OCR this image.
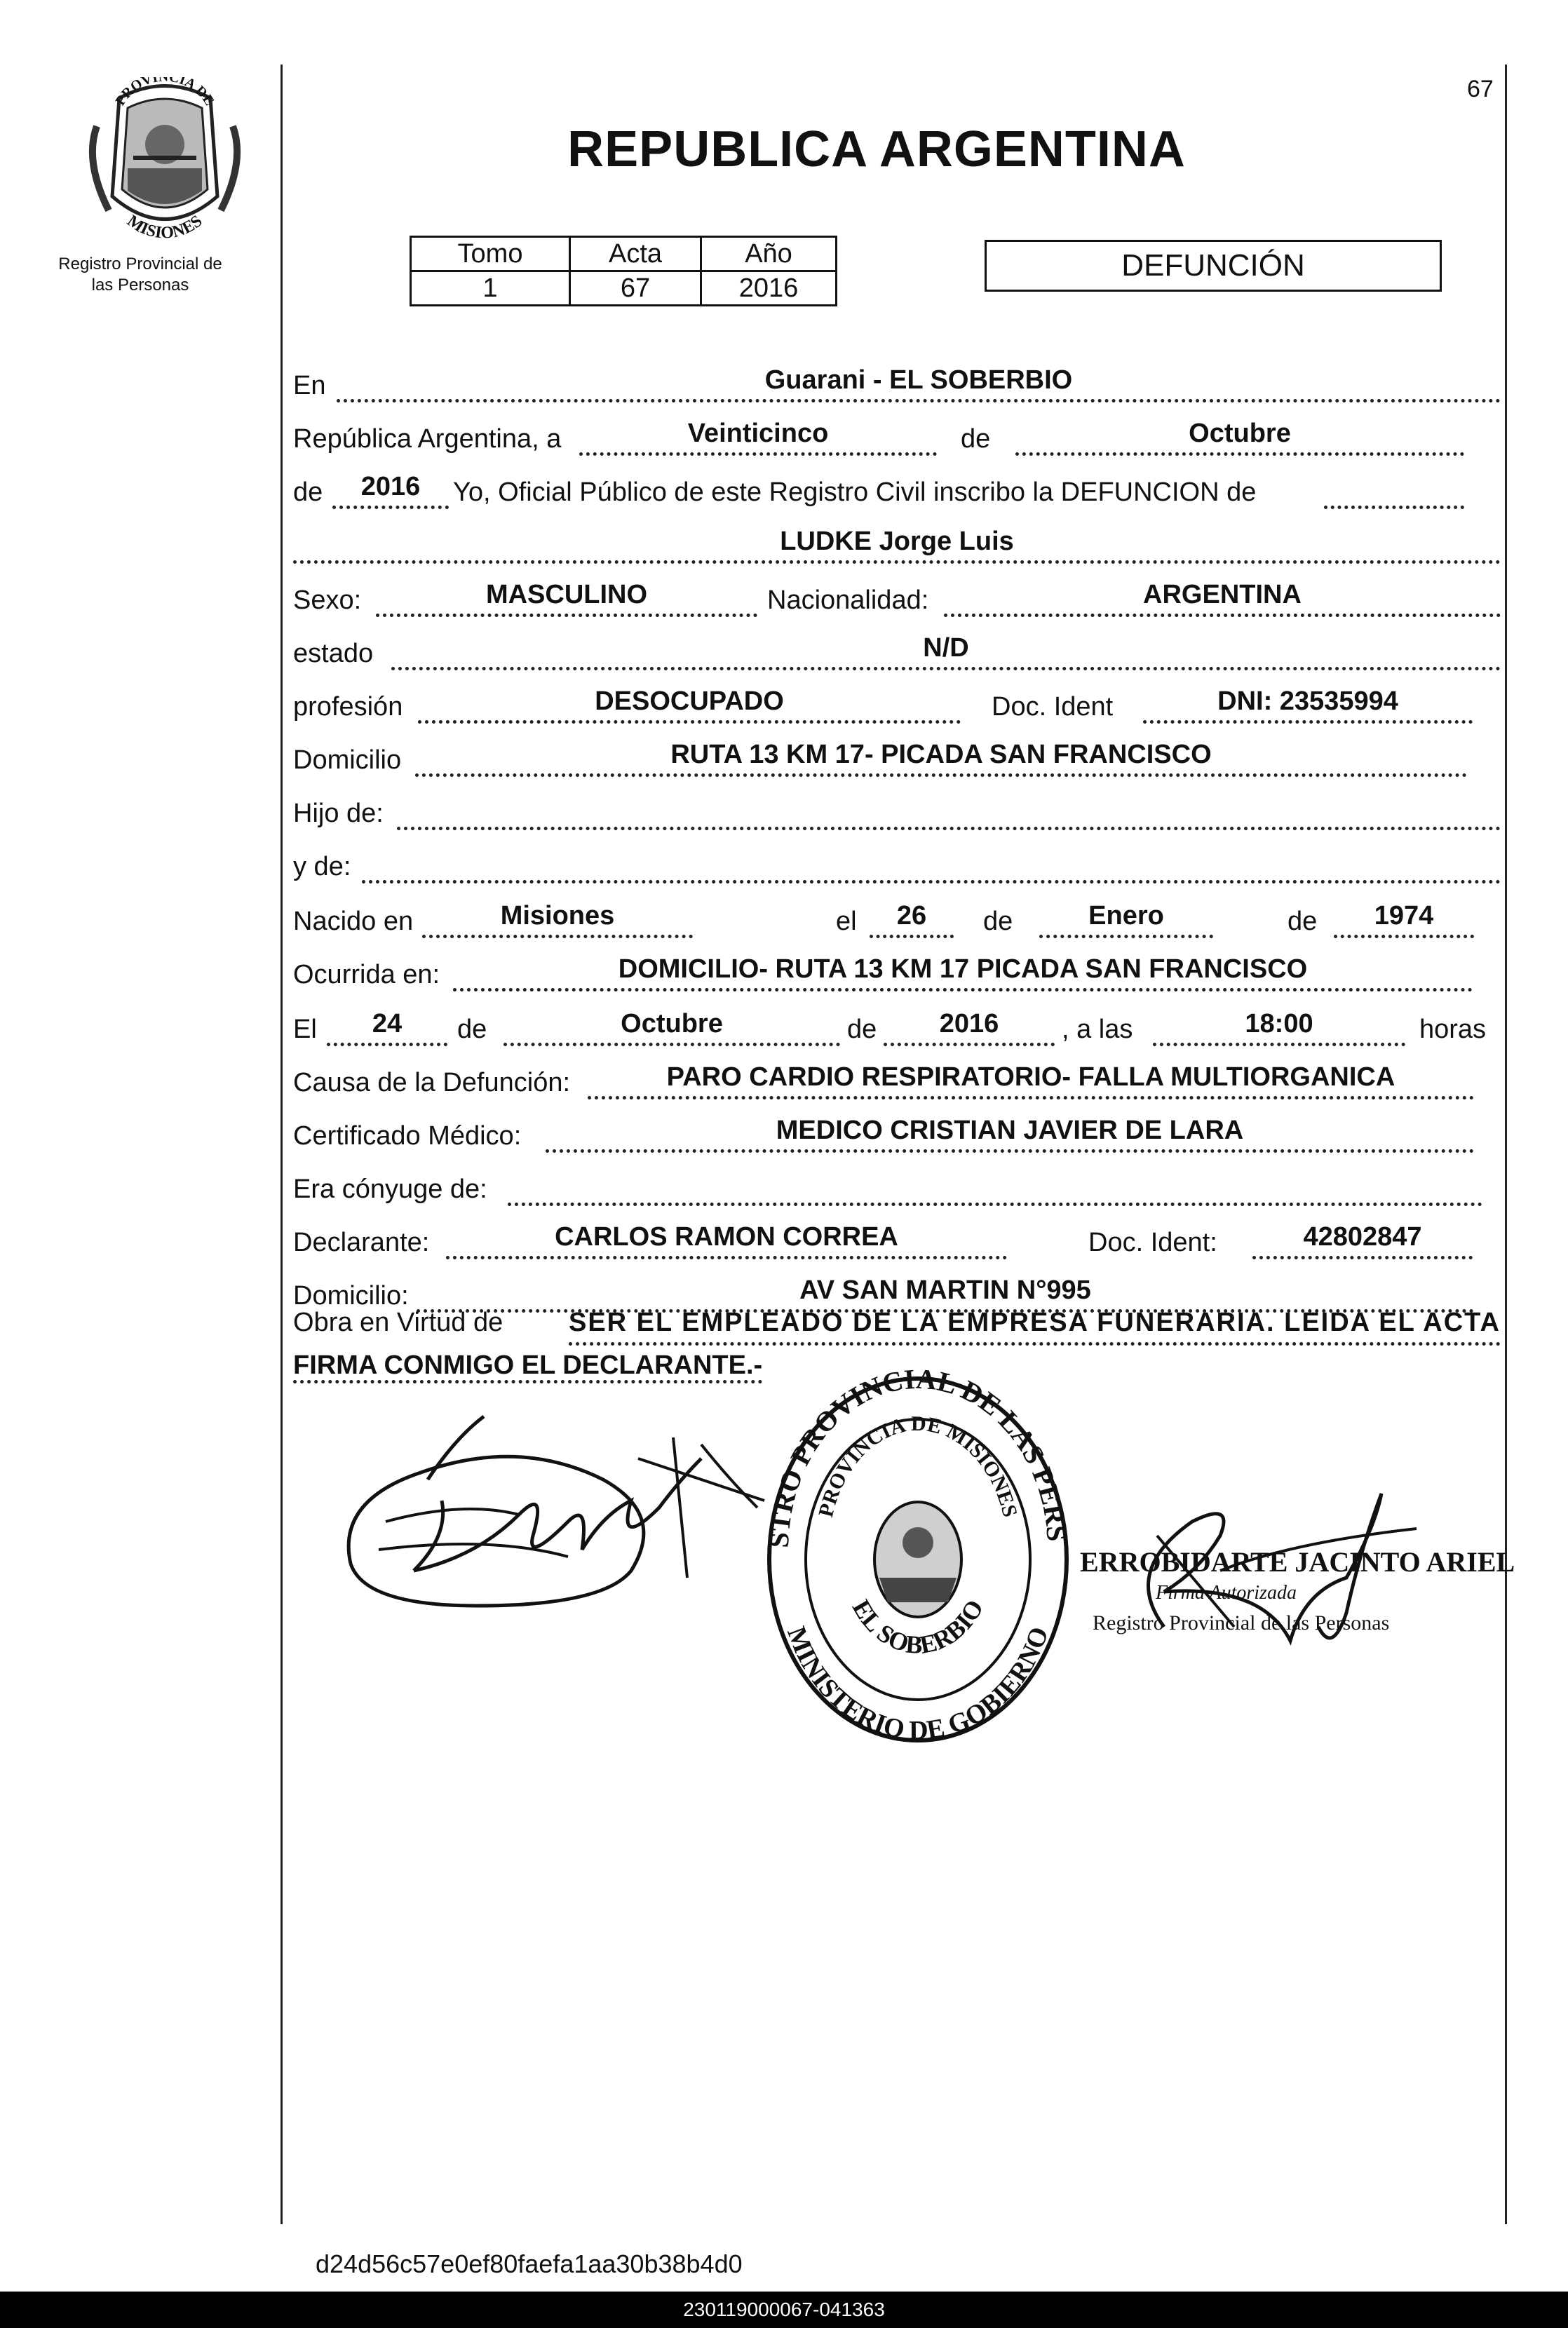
67
REPUBLICA ARGENTINA
PROVI CIA DE
MISIONES
Registro Provincial de
las Personas
Tomo	Acta	Año
1	67	2016
DEFUNCIÓN
En	Guarani - EL SOBERBIO
República Argentina, a	Veinticinco	de	Octubre
de	2016	Yo, Oficial Público de este Registro Civil inscribo la DEFUNCION de
LUDKE Jorge Luis
Sexo:	MASCULINO	Nacionalidad:	ARGENTINA
estado	N/D
profesión	DESOCUPADO	Doc. Ident	DNI: 23535994
Domicilio	RUTA 13 KM 17- PICADA SAN FRANCISCO
Hijo de:
y de:
Nacido en	Misiones	el	26	de	Enero	de	1974
Ocurrida en:	DOMICILIO- RUTA 13 KM 17 PICADA SAN FRANCISCO
El	24	de	Octubre	de	2016	, a las	18:00	horas
Causa de la Defunción:	PARO CARDIO RESPIRATORIO- FALLA MULTIORGANICA
Certificado Médico:	MEDICO CRISTIAN JAVIER DE LARA
Era cónyuge de:
Declarante:	CARLOS RAMON CORREA	Doc. Ident:	42802847
Domicilio:	AV SAN MARTIN N°995
Obra en Virtud de SER EL EMPLEADO DE LA EMPRESA FUNERARIA. LEIDA EL ACTA
FIRMA CONMIGO EL DECLARANTE.-
STRO PROVINCIAL DE LAS PERS
PROVINCIA DE MISIONES
EL SOBERBIO
MINISTERIO DE GOBIERNO
ERROBIDARTE JACINTO ARIEL
Firma Autorizada
Registro Provincial de las Personas
d24d56c57e0ef80faefa1aa30b38b4d0
230119000067-041363
